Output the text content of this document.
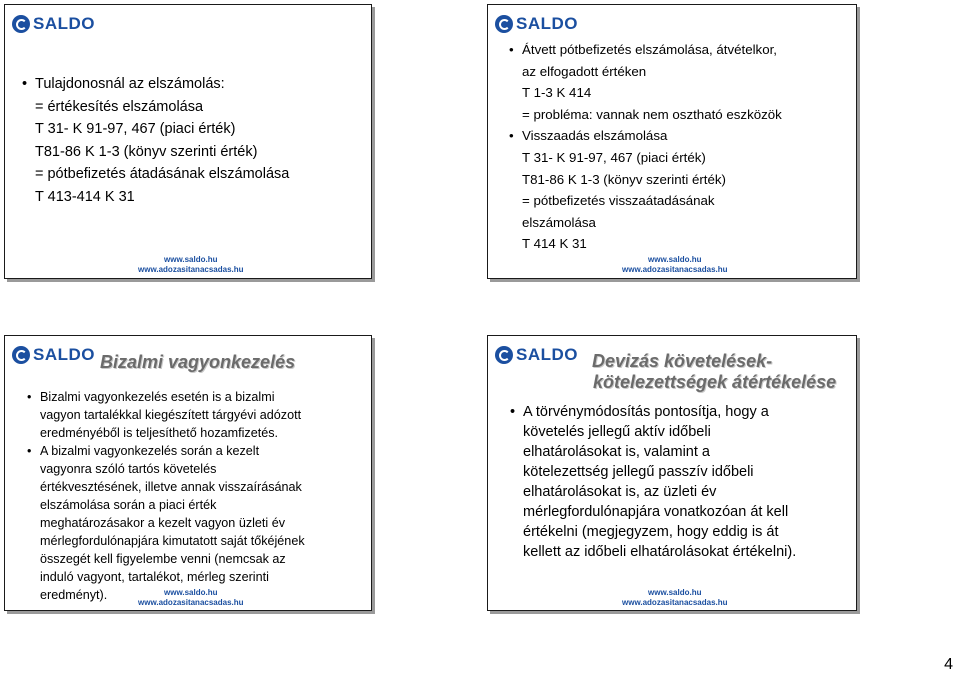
SALDO
• Tulajdonosnál az elszámolás:
= értékesítés elszámolása
T 31- K 91-97, 467 (piaci érték)
T81-86 K 1-3 (könyv szerinti érték)
= pótbefizetés átadásának elszámolása
T 413-414 K 31
www.saldo.hu
www.adozasitanacsadas.hu
SALDO
• Átvett pótbefizetés elszámolása, átvételkor,
az elfogadott értéken
T 1-3 K 414
= probléma: vannak nem osztható eszközök
• Visszaadás elszámolása
T 31- K 91-97, 467 (piaci érték)
T81-86 K 1-3 (könyv szerinti érték)
= pótbefizetés visszaátadásának
elszámolása
T 414 K 31
www.saldo.hu
www.adozasitanacsadas.hu
SALDO Bizalmi vagyonkezelés
• Bizalmi vagyonkezelés esetén is a bizalmi
vagyon tartalékkal kiegészített tárgyévi adózott
eredményéből is teljesíthető hozamfizetés.
• A bizalmi vagyonkezelés során a kezelt
vagyonra szóló tartós követelés
értékvesztésének, illetve annak visszaírásának
elszámolása során a piaci érték
meghatározásakor a kezelt vagyon üzleti év
mérlegfordulónapjára kimutatott saját tőkéjének
összegét kell figyelembe venni (nemcsak az
induló vagyont, tartalékot, mérleg szerinti
eredményt).	www.saldo.hu
www.adozasitanacsadas.hu
SALDO Devizás követelések-
kötelezettségek átértékelése
• A törvénymódosítás pontosítja, hogy a
követelés jellegű aktív időbeli
elhatárolásokat is, valamint a
kötelezettség jellegű passzív időbeli
elhatárolásokat is, az üzleti év
mérlegfordulónapjára vonatkozóan át kell
értékelni (megjegyzem, hogy eddig is át
kellett az időbeli elhatárolásokat értékelni).
www.saldo.hu
www.adozasitanacsadas.hu
4
